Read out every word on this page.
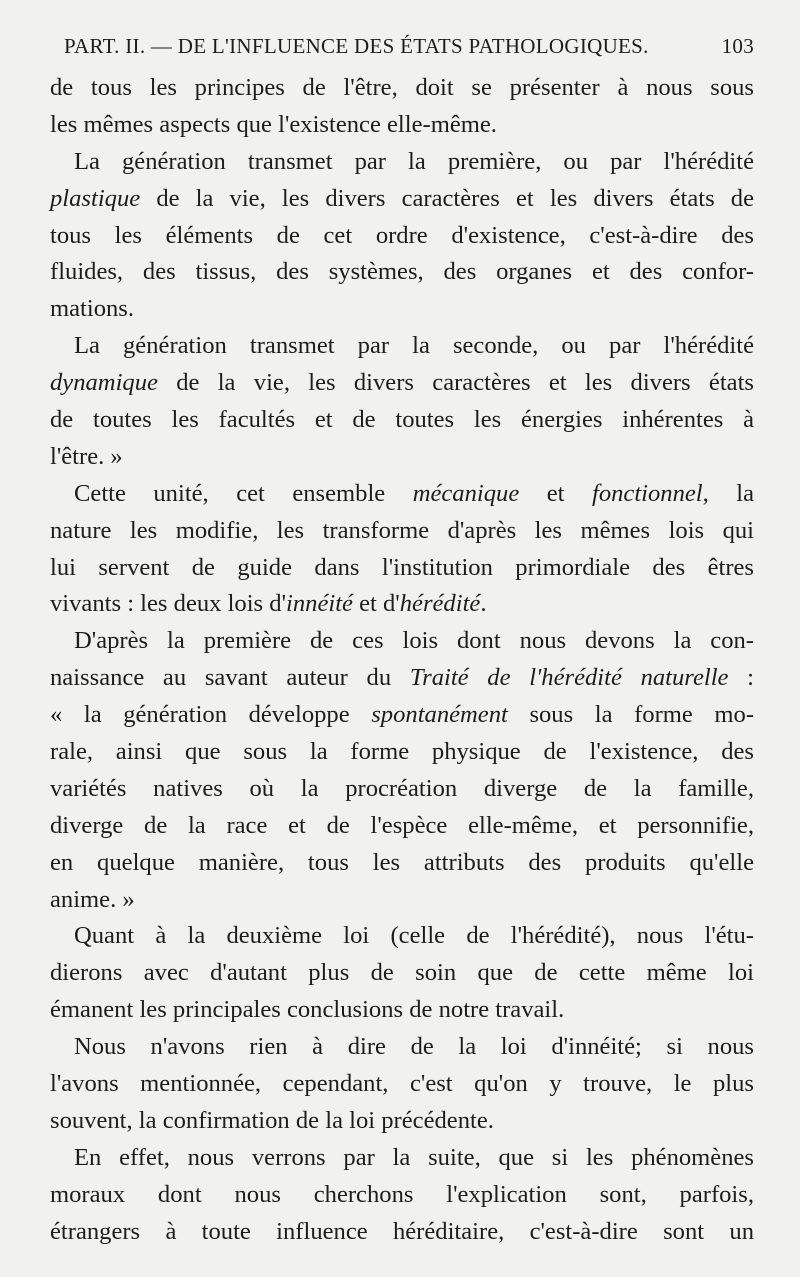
PART. II. — DE L'INFLUENCE DES ÉTATS PATHOLOGIQUES.	103
de tous les principes de l'être, doit se présenter à nous sous
les mêmes aspects que l'existence elle-même.
La génération transmet par la première, ou par l'hérédité
plastique de la vie, les divers caractères et les divers états de
tous les éléments de cet ordre d'existence, c'est-à-dire des
fluides, des tissus, des systèmes, des organes et des confor-
mations.
La génération transmet par la seconde, ou par l'hérédité
dynamique de la vie, les divers caractères et les divers états
de toutes les facultés et de toutes les énergies inhérentes à
l'être. »
Cette unité, cet ensemble mécanique et fonctionnel, la
nature les modifie, les transforme d'après les mêmes lois qui
lui servent de guide dans l'institution primordiale des êtres
vivants : les deux lois d'innéité et d'hérédité.
D'après la première de ces lois dont nous devons la con-
naissance au savant auteur du Traité de l'hérédité naturelle :
« la génération développe spontanément sous la forme mo-
rale, ainsi que sous la forme physique de l'existence, des
variétés natives où la procréation diverge de la famille,
diverge de la race et de l'espèce elle-même, et personnifie,
en quelque manière, tous les attributs des produits qu'elle
anime. »
Quant à la deuxième loi (celle de l'hérédité), nous l'étu-
dierons avec d'autant plus de soin que de cette même loi
émanent les principales conclusions de notre travail.
Nous n'avons rien à dire de la loi d'innéité; si nous
l'avons mentionnée, cependant, c'est qu'on y trouve, le plus
souvent, la confirmation de la loi précédente.
En effet, nous verrons par la suite, que si les phénomènes
moraux dont nous cherchons l'explication sont, parfois,
étrangers à toute influence héréditaire, c'est-à-dire sont un
